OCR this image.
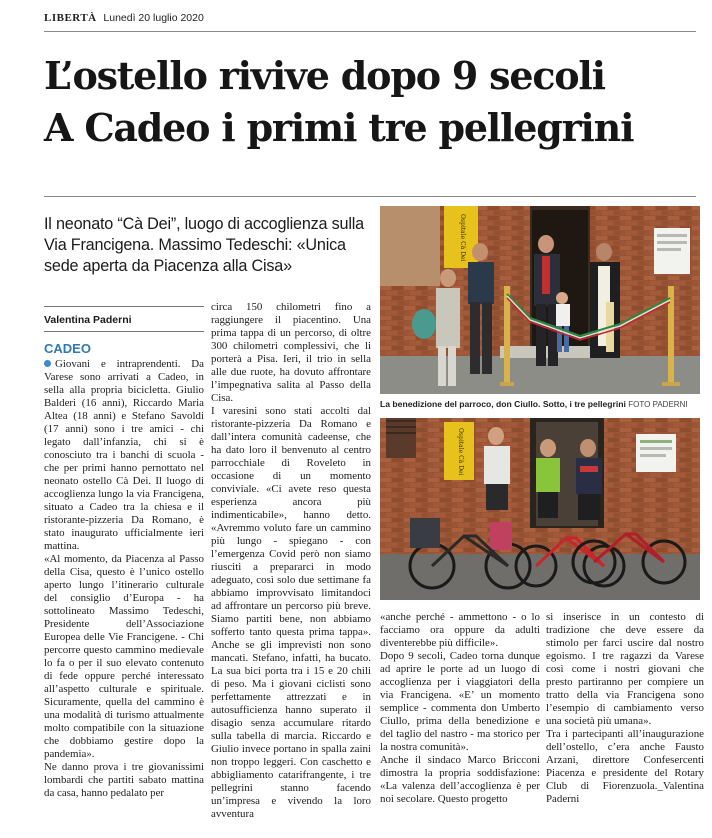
LIBERTÀ Lunedì 20 luglio 2020
L’ostello rivive dopo 9 secoli
A Cadeo i primi tre pellegrini
Il neonato “Cà Dei”, luogo di accoglienza sulla Via Francigena. Massimo Tedeschi: «Unica sede aperta da Piacenza alla Cisa»
Valentina Paderni
CADEO

Giovani e intraprendenti. Da Varese sono arrivati a Cadeo, in sella alla propria bicicletta. Giulio Balderi (16 anni), Riccardo Maria Altea (18 anni) e Stefano Savoldi (17 anni) sono i tre amici - chi legato dall’infanzia, chi si è conosciuto tra i banchi di scuola - che per primi hanno pernottato nel neonato ostello Cà Dei. Il luogo di accoglienza lungo la via Francigena, situato a Cadeo tra la chiesa e il ristorante-pizzeria Da Romano, è stato inaugurato ufficialmente ieri mattina.

«Al momento, da Piacenza al Passo della Cisa, questo è l’unico ostello aperto lungo l’itinerario culturale del consiglio d’Europa - ha sottolineato Massimo Tedeschi, Presidente dell’Associazione Europea delle Vie Francigene. - Chi percorre questo cammino medievale lo fa o per il suo elevato contenuto di fede oppure perché interessato all’aspetto culturale e spirituale. Sicuramente, quella del cammino è una modalità di turismo attualmente molto compatibile con la situazione che dobbiamo gestire dopo la pandemia».

Ne danno prova i tre giovanissimi lombardi che partiti sabato mattina da casa, hanno pedalato per

circa 150 chilometri fino a raggiungere il piacentino. Una prima tappa di un percorso, di oltre 300 chilometri complessivi, che li porterà a Pisa. Ieri, il trio in sella alle due ruote, ha dovuto affrontare l’impegnativa salita al Passo della Cisa.

I varesini sono stati accolti dal ristorante-pizzeria Da Romano e dall’intera comunità cadeense, che ha dato loro il benvenuto al centro parrocchiale di Roveleto in occasione di un momento conviviale. «Ci avete reso questa esperienza ancora più indimenticabile», hanno detto. «Avremmo voluto fare un cammino più lungo - spiegano - con l’emergenza Covid però non siamo riusciti a prepararci in modo adeguato, così solo due settimane fa abbiamo improvvisato limitandoci ad affrontare un percorso più breve. Siamo partiti bene, non abbiamo sofferto tanto questa prima tappa». Anche se gli imprevisti non sono mancati. Stefano, infatti, ha bucato. La sua bici porta tra i 15 e 20 chili di peso. Ma i giovani ciclisti sono perfettamente attrezzati e in autosufficienza hanno superato il disagio senza accumulare ritardo sulla tabella di marcia. Riccardo e Giulio invece portano in spalla zaini non troppo leggeri. Con caschetto e abbigliamento catarifrangente, i tre pellegrini stanno facendo un’impresa e vivendo la loro avventura

Ospitale Cà Dei
La benedizione del parroco, don Ciullo. Sotto, i tre pellegrini FOTO PADERNI
Ospitale Cà Dei

«anche perché - ammettono - o lo facciamo ora oppure da adulti diventerebbe più difficile».

Dopo 9 secoli, Cadeo torna dunque ad aprire le porte ad un luogo di accoglienza per i viaggiatori della via Francigena. «E’ un momento semplice - commenta don Umberto Ciullo, prima della benedizione e del taglio del nastro - ma storico per la nostra comunità».

Anche il sindaco Marco Bricconi dimostra la propria soddisfazione: «La valenza dell’accoglienza è per noi secolare. Questo progetto

si inserisce in un contesto di tradizione che deve essere da stimolo per farci uscire dal nostro egoismo. I tre ragazzi da Varese così come i nostri giovani che presto partiranno per compiere un tratto della via Francigena sono l’esempio di cambiamento verso una società più umana».

Tra i partecipanti all’inaugurazione dell’ostello, c’era anche Fausto Arzani, direttore Confesercenti Piacenza e presidente del Rotary Club di Fiorenzuola._Valentina Paderni
